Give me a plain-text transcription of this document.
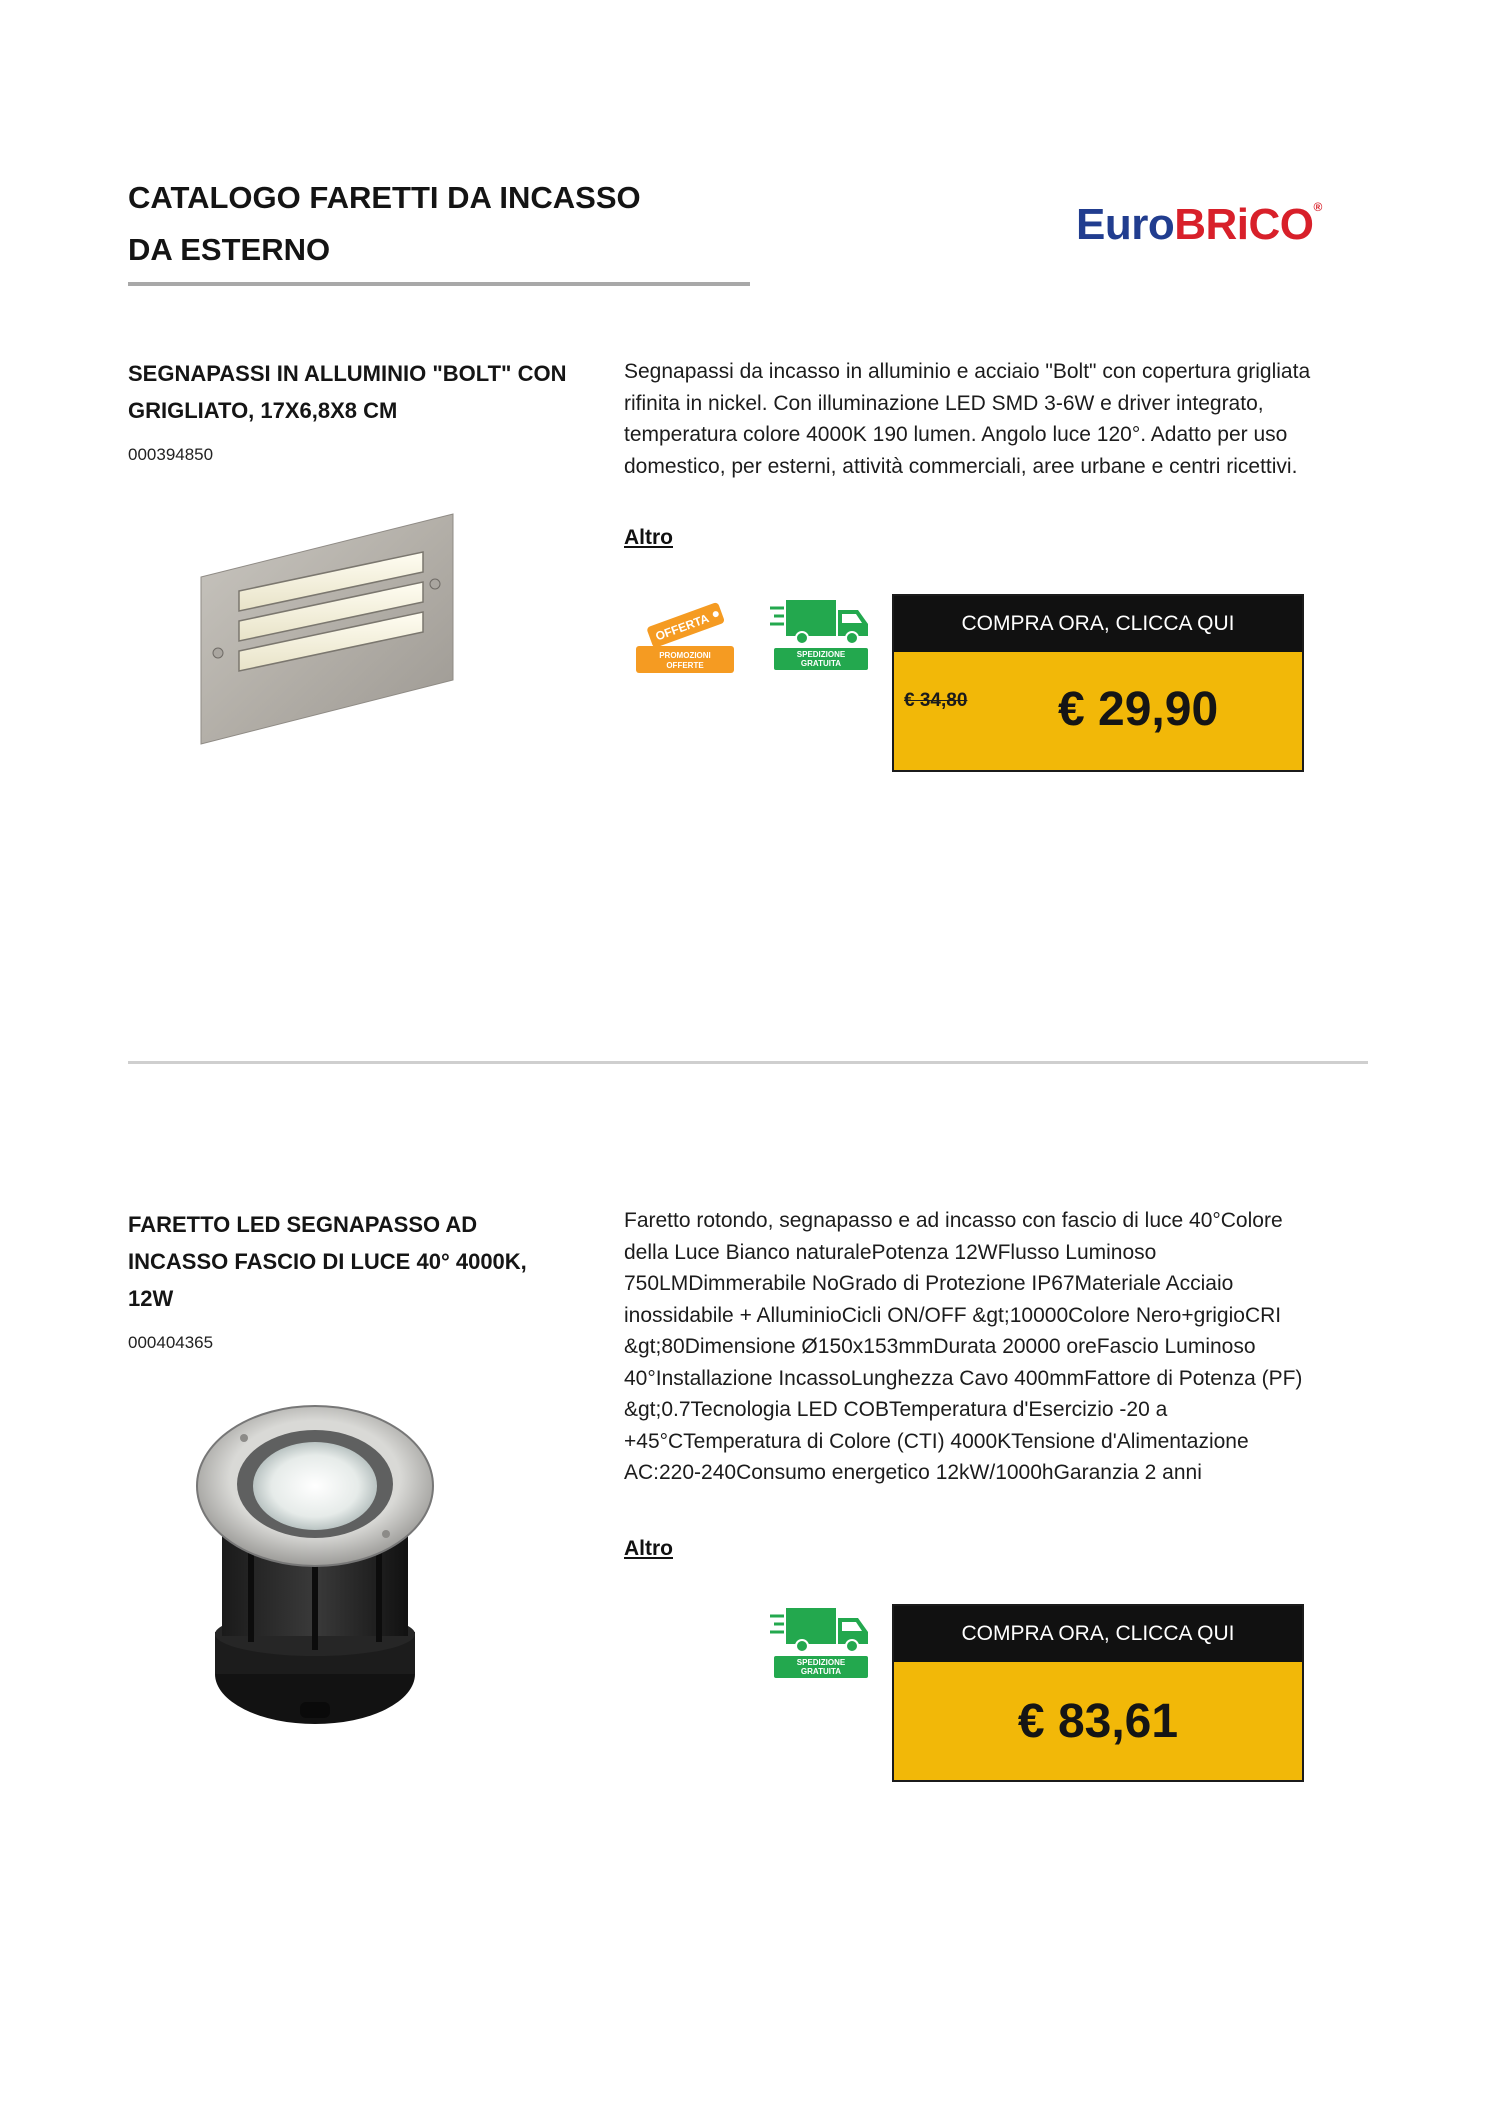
CATALOGO FARETTI DA INCASSO
DA ESTERNO
EuroBRiCO®
SEGNAPASSI IN ALLUMINIO "BOLT" CON
GRIGLIATO, 17X6,8X8 CM
000394850

Segnapassi da incasso in alluminio e acciaio "Bolt" con copertura grigliata rifinita in nickel. Con illuminazione LED SMD 3-6W e driver integrato, temperatura colore 4000K 190 lumen. Angolo luce 120°. Adatto per uso domestico, per esterni, attività commerciali, aree urbane e centri ricettivi.

Altro
OFFERTA
PROMOZIONI
OFFERTE
SPEDIZIONE
GRATUITA
COMPRA ORA, CLICCA QUI
€ 34,80 € 29,90
FARETTO LED SEGNAPASSO AD
INCASSO FASCIO DI LUCE 40° 4000K,
12W
000404365

Faretto rotondo, segnapasso e ad incasso con fascio di luce 40°Colore della Luce Bianco naturalePotenza 12WFlusso Luminoso 750LMDimmerabile NoGrado di Protezione IP67Materiale Acciaio inossidabile + AlluminioCicli ON/OFF &gt;10000Colore Nero+grigioCRI &gt;80Dimensione Ø150x153mmDurata 20000 oreFascio Luminoso 40°Installazione IncassoLunghezza Cavo 400mmFattore di Potenza (PF) &gt;0.7Tecnologia LED COBTemperatura d'Esercizio -20 a +45°CTemperatura di Colore (CTI) 4000KTensione d'Alimentazione AC:220-240Consumo energetico 12kW/1000hGaranzia 2 anni

Altro
SPEDIZIONE
GRATUITA
COMPRA ORA, CLICCA QUI
€ 83,61
